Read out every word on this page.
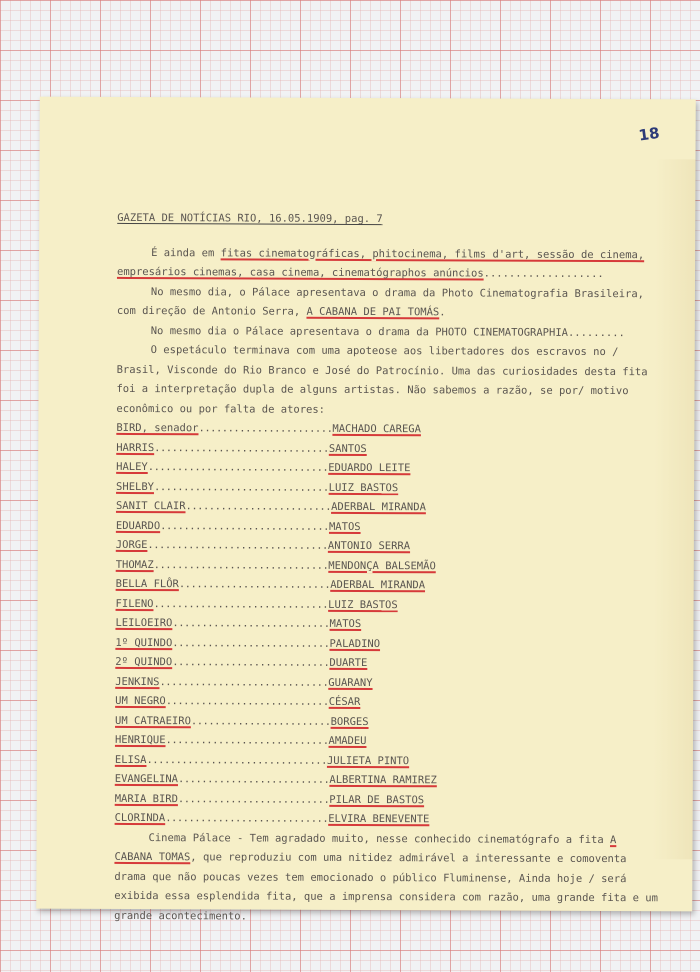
18

GAZETA DE NOTÍCIAS RIO, 16.05.1909, pag. 7

É ainda em fitas cinematográficas, phitocinema, films d'art, sessão de cinema, empresários cinemas, casa cinema, cinematógraphos anúncios...................

No mesmo dia, o Pálace apresentava o drama da Photo Cinematografia Brasileira, com direção de Antonio Serra, A CABANA DE PAI TOMÁS.

No mesmo dia o Pálace apresentava o drama da PHOTO CINEMATOGRAPHIA.........

O espetáculo terminava com uma apoteose aos libertadores dos escravos no / Brasil, Visconde do Rio Branco e José do Patrocínio. Uma das curiosidades desta fita foi a interpretação dupla de alguns artistas. Não sabemos a razão, se por/ motivo econômico ou por falta de atores:

BIRD, senador.......................MACHADO CAREGA
HARRIS..............................SANTOS
HALEY...............................EDUARDO LEITE
SHELBY..............................LUIZ BASTOS
SANIT CLAIR.........................ADERBAL MIRANDA
EDUARDO.............................MATOS
JORGE...............................ANTONIO SERRA
THOMAZ..............................MENDONÇA BALSEMÃO
BELLA FLÔR..........................ADERBAL MIRANDA
FILENO..............................LUIZ BASTOS
LEILOEIRO...........................MATOS
1º QUINDO...........................PALADINO
2º QUINDO...........................DUARTE
JENKINS.............................GUARANY
UM NEGRO............................CÉSAR
UM CATRAEIRO........................BORGES
HENRIQUE............................AMADEU
ELISA...............................JULIETA PINTO
EVANGELINA..........................ALBERTINA RAMIREZ
MARIA BIRD..........................PILAR DE BASTOS
CLORINDA............................ELVIRA BENEVENTE

Cinema Pálace - Tem agradado muito, nesse conhecido cinematógrafo a fita A CABANA TOMAS, que reproduziu com uma nitidez admirável a interessante e comoventa drama que não poucas vezes tem emocionado o público Fluminense, Ainda hoje / será exibida essa esplendida fita, que a imprensa considera com razão, uma grande fita e um grande acontecimento.
